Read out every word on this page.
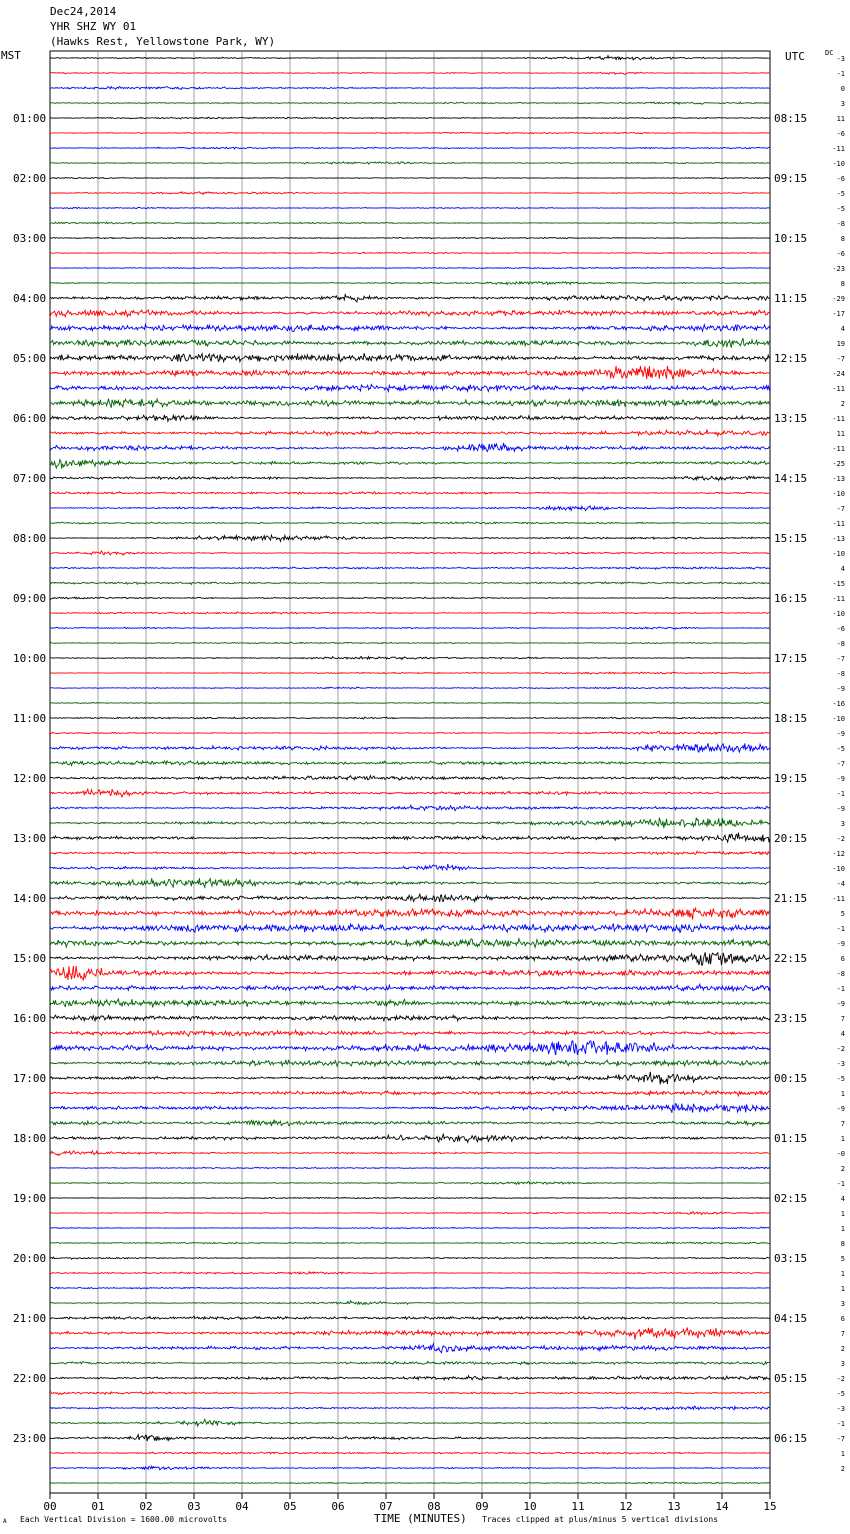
Dec24,2014
YHR SHZ WY 01
(Hawks Rest, Yellowstone Park, WY)
MST	UTC	DC
00	01	02	03	04	05	06	07	08	09	10	11	12	13	14	15
-3
-1
0
3
01:00	08:15	11
-6
-11
-10
02:00	09:15	-6
-5
-5
-8
03:00	10:15	8
-6
-23
8
04:00	11:15	-29
-17
4
19
05:00	12:15	-7
-24
-11
2
06:00	13:15	-11
11
-11
-25
07:00	14:15	-13
-10
-7
-11
08:00	15:15	-13
-10
4
-15
09:00	16:15	-11
-10
-6
-8
10:00	17:15	-7
-8
-9
-16
11:00	18:15	-10
-9
-5
-7
12:00	19:15	-9
-1
-9
3
13:00	20:15	-2
-12
-10
-4
14:00	21:15	-11
5
-1
-9
15:00	22:15	6
-8
-1
-9
16:00	23:15	7
4
-2
-3
17:00	00:15	-5
1
-9
7
18:00	01:15	1
-0
2
-1
19:00	02:15	4
1
1
8
20:00	03:15	5
1
1
3
21:00	04:15	6
7
2
3
22:00	05:15	-2
-5
-3
-1
23:00	06:15	-7
1
2
A Each Vertical Division = 1600.00 microvolts	TIME (MINUTES) Traces clipped at plus/minus 5 vertical divisions
